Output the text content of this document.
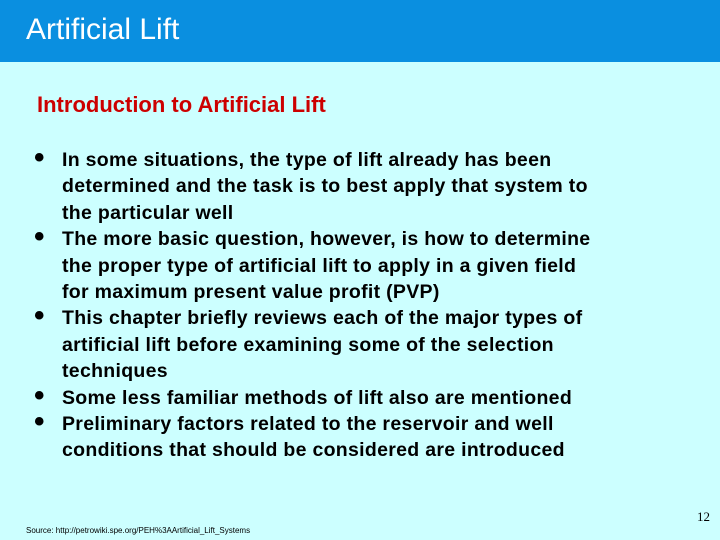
Artificial Lift
Introduction to Artificial Lift
• In some situations, the type of lift already has been
determined and the task is to best apply that system to
the particular well
• The more basic question, however, is how to determine
the proper type of artificial lift to apply in a given field
for maximum present value profit (PVP)
• This chapter briefly reviews each of the major types of
artificial lift before examining some of the selection
techniques
• Some less familiar methods of lift also are mentioned
• Preliminary factors related to the reservoir and well
conditions that should be considered are introduced
12
Source: http://petrowiki.spe.org/PEH%3AArtificial_Lift_Systems
